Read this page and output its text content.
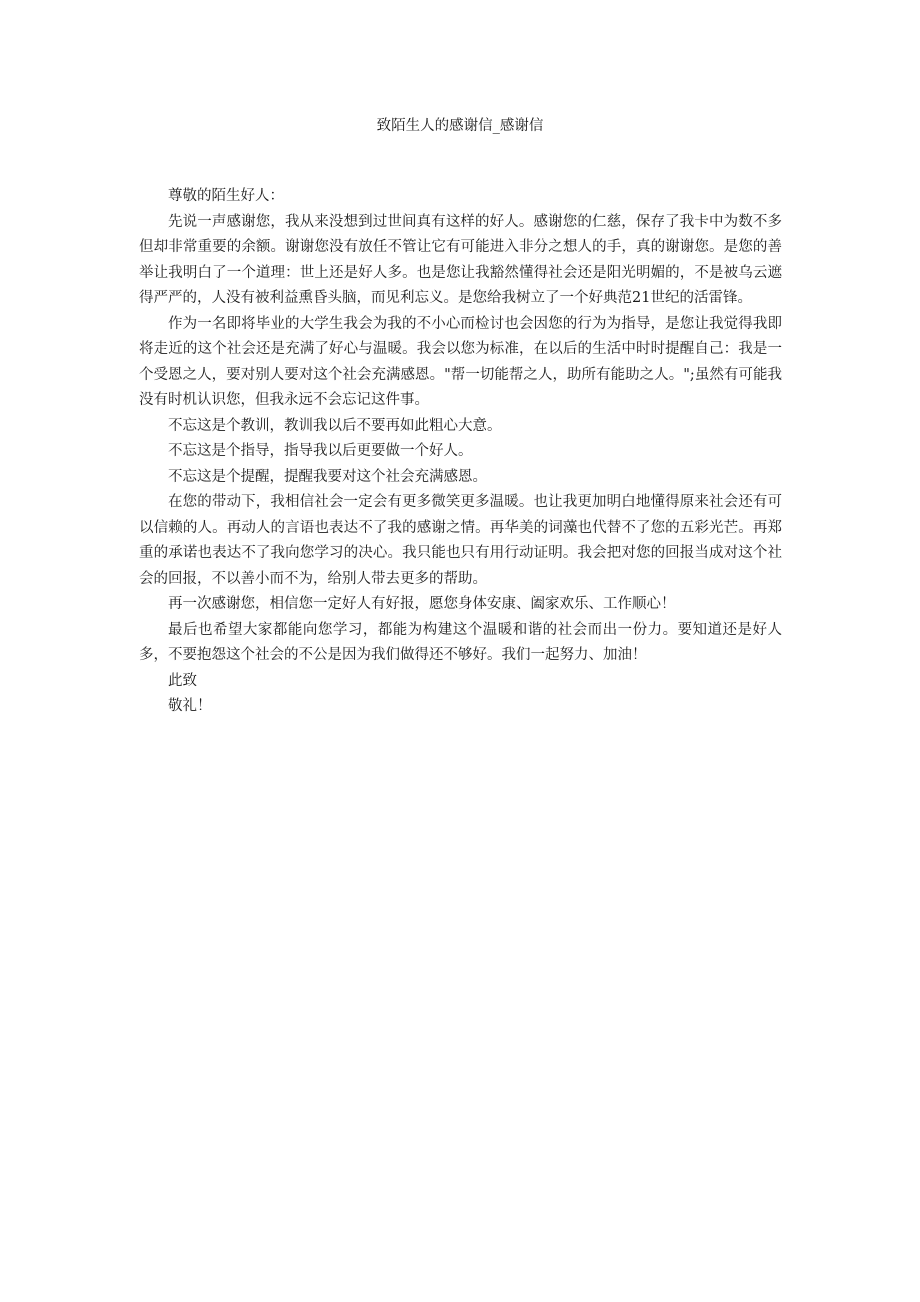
致陌生人的感谢信_感谢信

尊敬的陌生好人：

先说一声感谢您，我从来没想到过世间真有这样的好人。感谢您的仁慈，保存了我卡中为数不多但却非常重要的余额。谢谢您没有放任不管让它有可能进入非分之想人的手，真的谢谢您。是您的善举让我明白了一个道理：世上还是好人多。也是您让我豁然懂得社会还是阳光明媚的，不是被乌云遮得严严的，人没有被利益熏昏头脑，而见利忘义。是您给我树立了一个好典范21世纪的活雷锋。

作为一名即将毕业的大学生我会为我的不小心而检讨也会因您的行为为指导，是您让我觉得我即将走近的这个社会还是充满了好心与温暖。我会以您为标准，在以后的生活中时时提醒自己：我是一个受恩之人，要对别人要对这个社会充满感恩。"帮一切能帮之人，助所有能助之人。";虽然有可能我没有时机认识您，但我永远不会忘记这件事。

不忘这是个教训，教训我以后不要再如此粗心大意。

不忘这是个指导，指导我以后更要做一个好人。

不忘这是个提醒，提醒我要对这个社会充满感恩。

在您的带动下，我相信社会一定会有更多微笑更多温暖。也让我更加明白地懂得原来社会还有可以信赖的人。再动人的言语也表达不了我的感谢之情。再华美的词藻也代替不了您的五彩光芒。再郑重的承诺也表达不了我向您学习的决心。我只能也只有用行动证明。我会把对您的回报当成对这个社会的回报，不以善小而不为，给别人带去更多的帮助。

再一次感谢您，相信您一定好人有好报，愿您身体安康、阖家欢乐、工作顺心！

最后也希望大家都能向您学习，都能为构建这个温暖和谐的社会而出一份力。要知道还是好人多，不要抱怨这个社会的不公是因为我们做得还不够好。我们一起努力、加油！

此致

敬礼！
